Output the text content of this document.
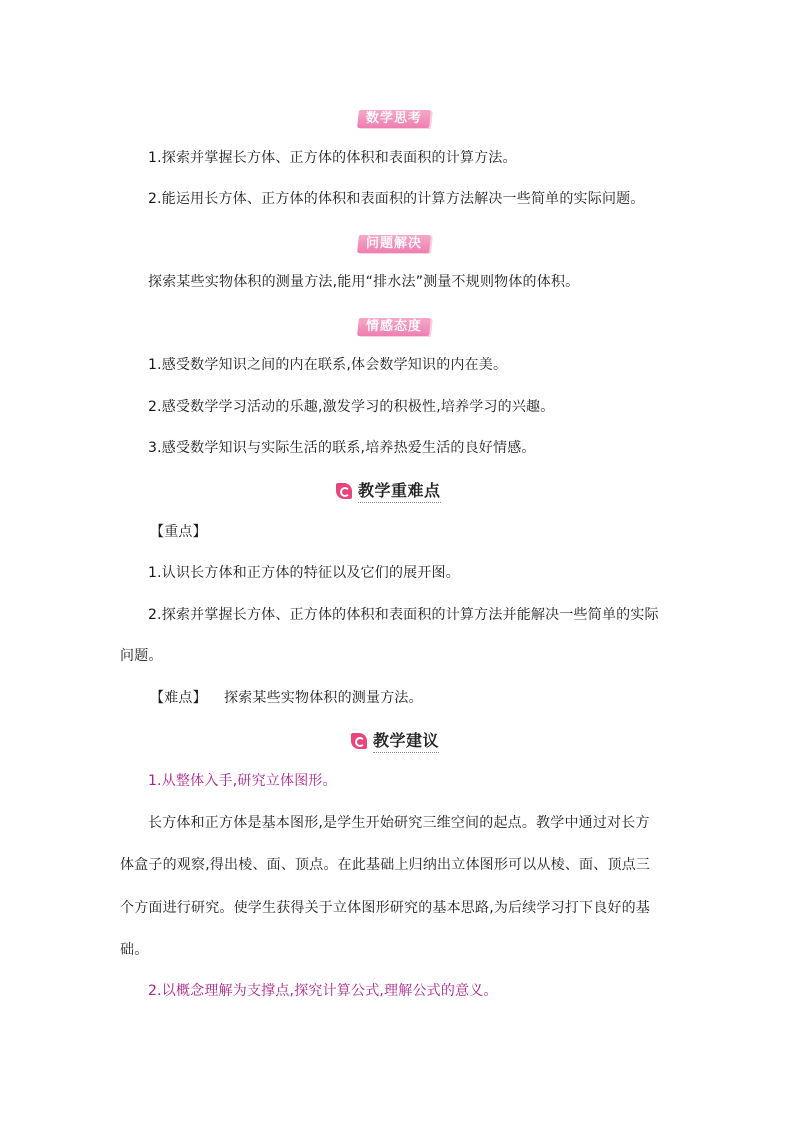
数学思考
1.探索并掌握长方体、正方体的体积和表面积的计算方法。
2.能运用长方体、正方体的体积和表面积的计算方法解决一些简单的实际问题。
问题解决
探索某些实物体积的测量方法,能用“排水法”测量不规则物体的体积。
情感态度
1.感受数学知识之间的内在联系,体会数学知识的内在美。
2.感受数学学习活动的乐趣,激发学习的积极性,培养学习的兴趣。
3.感受数学知识与实际生活的联系,培养热爱生活的良好情感。
教学重难点
【重点】
1.认识长方体和正方体的特征以及它们的展开图。
2.探索并掌握长方体、正方体的体积和表面积的计算方法并能解决一些简单的实际
问题。
【难点】 探索某些实物体积的测量方法。
教学建议
1.从整体入手,研究立体图形。
长方体和正方体是基本图形,是学生开始研究三维空间的起点。教学中通过对长方
体盒子的观察,得出棱、面、顶点。在此基础上归纳出立体图形可以从棱、面、顶点三
个方面进行研究。使学生获得关于立体图形研究的基本思路,为后续学习打下良好的基
础。
2.以概念理解为支撑点,探究计算公式,理解公式的意义。
